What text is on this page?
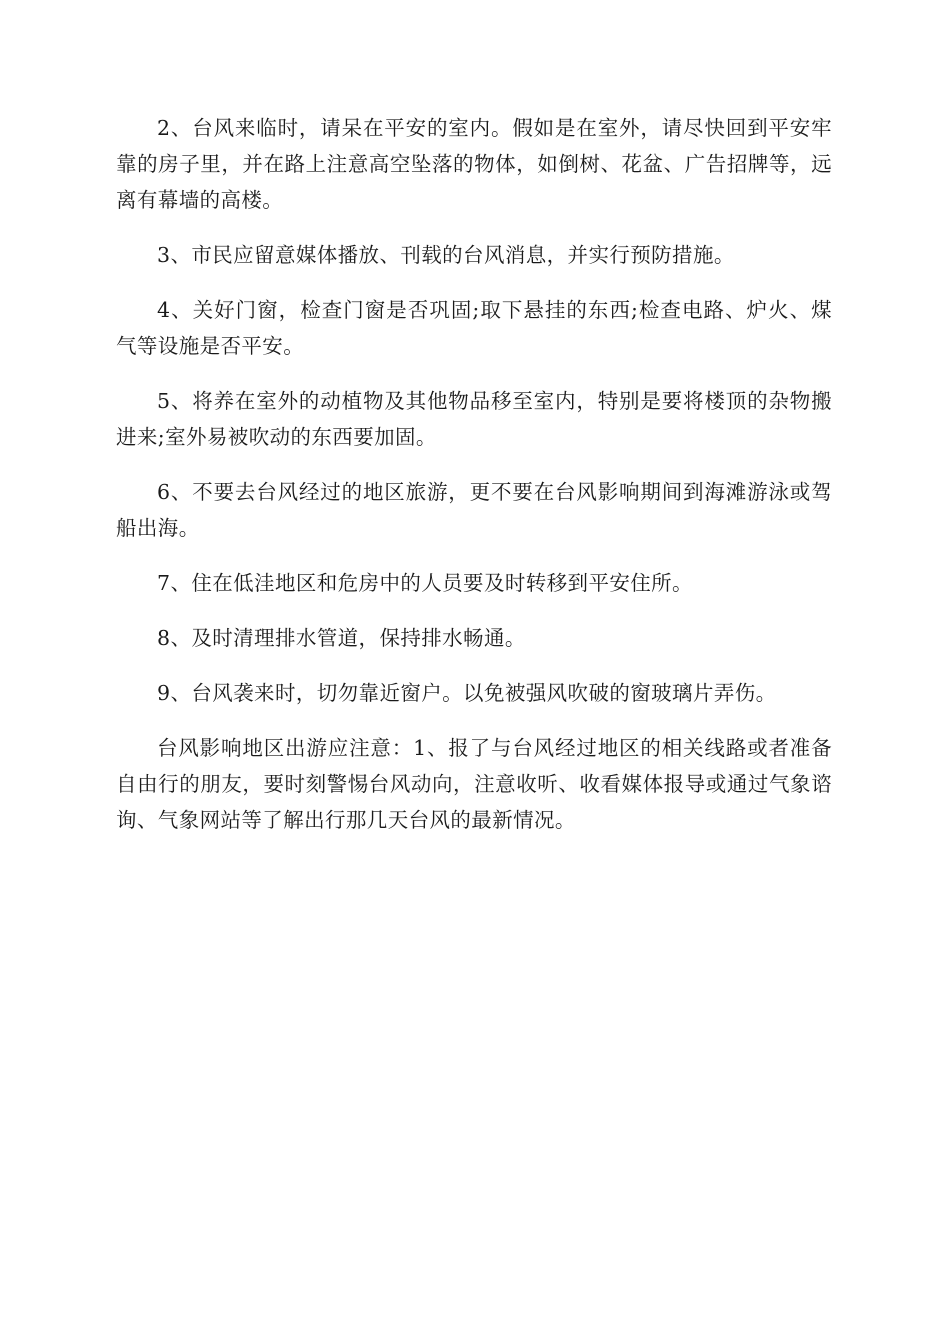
2、台风来临时，请呆在平安的室内。假如是在室外，请尽快回到平安牢靠的房子里，并在路上注意高空坠落的物体，如倒树、花盆、广告招牌等，远离有幕墙的高楼。

3、市民应留意媒体播放、刊载的台风消息，并实行预防措施。

4、关好门窗，检查门窗是否巩固;取下悬挂的东西;检查电路、炉火、煤气等设施是否平安。

5、将养在室外的动植物及其他物品移至室内，特别是要将楼顶的杂物搬进来;室外易被吹动的东西要加固。

6、不要去台风经过的地区旅游，更不要在台风影响期间到海滩游泳或驾船出海。

7、住在低洼地区和危房中的人员要及时转移到平安住所。

8、及时清理排水管道，保持排水畅通。

9、台风袭来时，切勿靠近窗户。以免被强风吹破的窗玻璃片弄伤。

台风影响地区出游应注意：1、报了与台风经过地区的相关线路或者准备自由行的朋友，要时刻警惕台风动向，注意收听、收看媒体报导或通过气象谘询、气象网站等了解出行那几天台风的最新情况。
